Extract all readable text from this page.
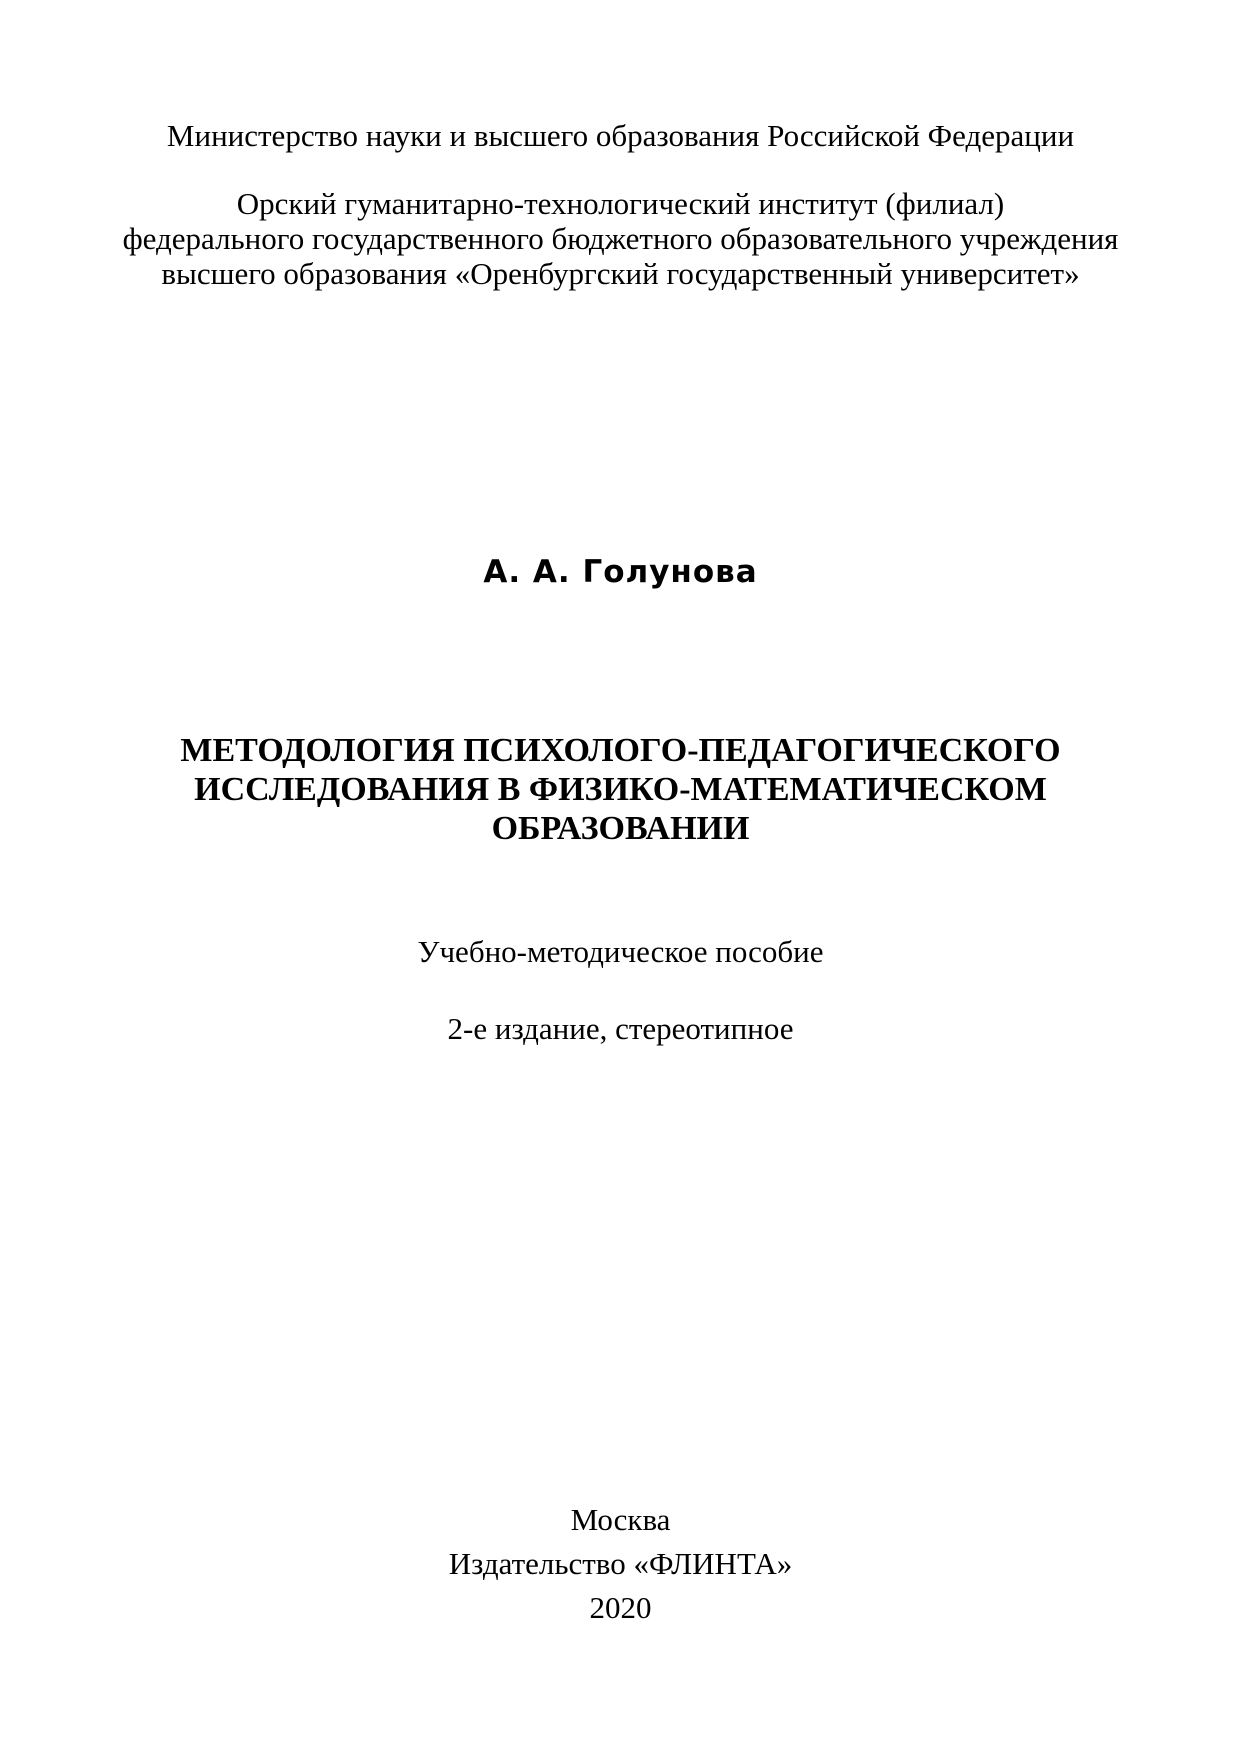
Министерство науки и высшего образования Российской Федерации
Орский гуманитарно-технологический институт (филиал)
федерального государственного бюджетного образовательного учреждения
высшего образования «Оренбургский государственный университет»
А. А. Голунова
МЕТОДОЛОГИЯ ПСИХОЛОГО-ПЕДАГОГИЧЕСКОГО
ИССЛЕДОВАНИЯ В ФИЗИКО-МАТЕМАТИЧЕСКОМ
ОБРАЗОВАНИИ
Учебно-методическое пособие
2-е издание, стереотипное
Москва
Издательство «ФЛИНТА»
2020
